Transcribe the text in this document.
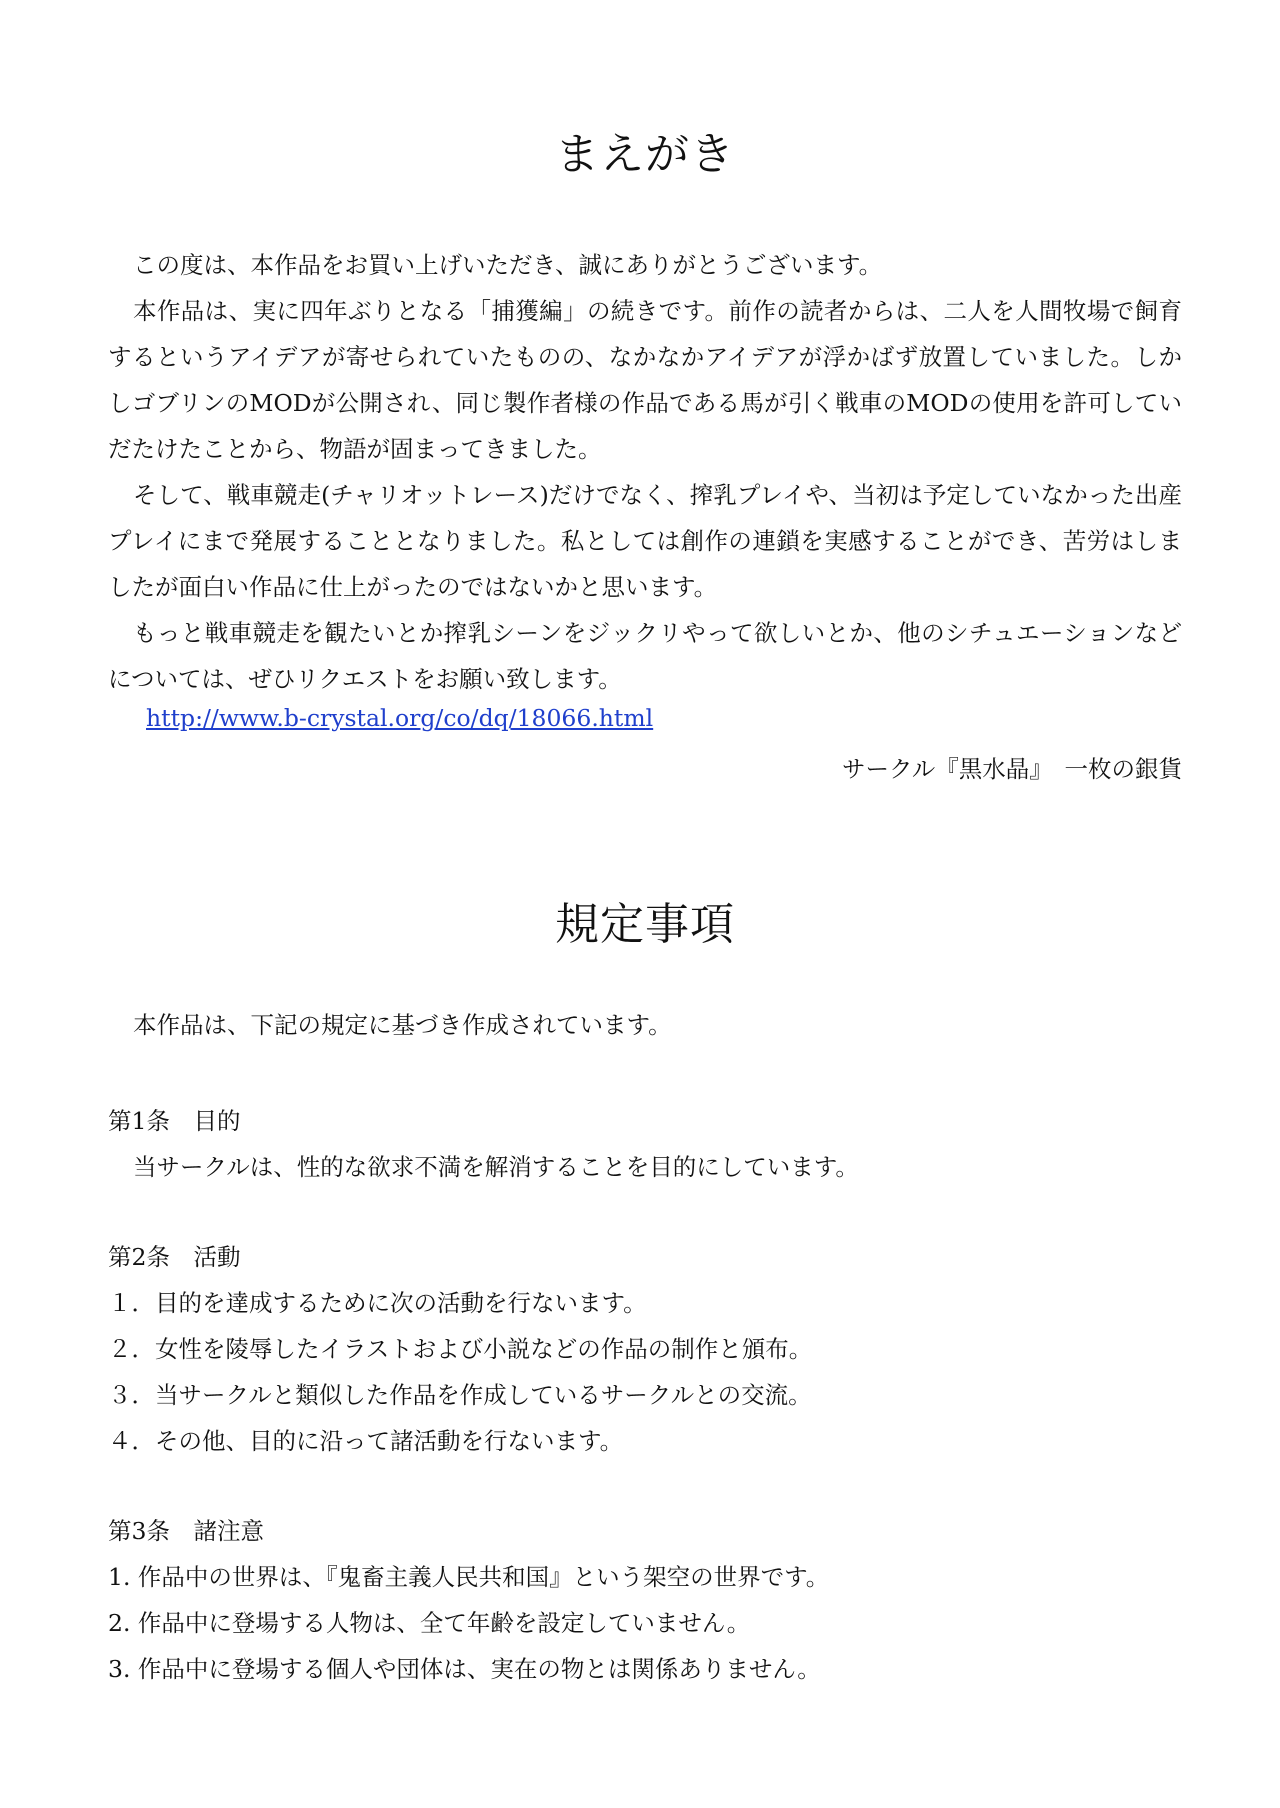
まえがき

この度は、本作品をお買い上げいただき、誠にありがとうございます。

本作品は、実に四年ぶりとなる「捕獲編」の続きです。前作の読者からは、二人を人間牧場で飼育するというアイデアが寄せられていたものの、なかなかアイデアが浮かばず放置していました。しかしゴブリンのMODが公開され、同じ製作者様の作品である馬が引く戦車のMODの使用を許可していだたけたことから、物語が固まってきました。

そして、戦車競走(チャリオットレース)だけでなく、搾乳プレイや、当初は予定していなかった出産プレイにまで発展することとなりました。私としては創作の連鎖を実感することができ、苦労はしましたが面白い作品に仕上がったのではないかと思います。

もっと戦車競走を観たいとか搾乳シーンをジックリやって欲しいとか、他のシチュエーションなどについては、ぜひリクエストをお願い致します。

http://www.b-crystal.org/co/dq/18066.html
サークル『黒水晶』　一枚の銀貨
規定事項

本作品は、下記の規定に基づき作成されています。

第1条　目的

当サークルは、性的な欲求不満を解消することを目的にしています。

第2条　活動
１．目的を達成するために次の活動を行ないます。
２．女性を陵辱したイラストおよび小説などの作品の制作と頒布。
３．当サークルと類似した作品を作成しているサークルとの交流。
４．その他、目的に沿って諸活動を行ないます。
第3条　諸注意
1. 作品中の世界は、『鬼畜主義人民共和国』という架空の世界です。
2. 作品中に登場する人物は、全て年齢を設定していません。
3. 作品中に登場する個人や団体は、実在の物とは関係ありません。
